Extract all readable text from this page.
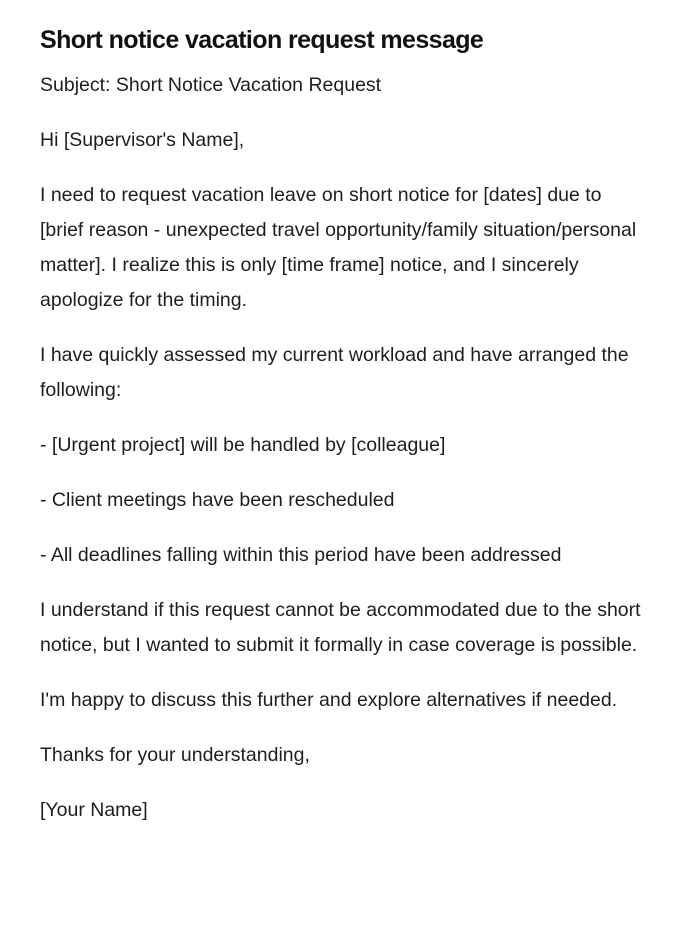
Short notice vacation request message

Subject: Short Notice Vacation Request

Hi [Supervisor's Name],

I need to request vacation leave on short notice for [dates] due to [brief reason - unexpected travel opportunity/family situation/personal matter]. I realize this is only [time frame] notice, and I sincerely apologize for the timing.

I have quickly assessed my current workload and have arranged the following:

- [Urgent project] will be handled by [colleague]

- Client meetings have been rescheduled

- All deadlines falling within this period have been addressed

I understand if this request cannot be accommodated due to the short notice, but I wanted to submit it formally in case coverage is possible.

I'm happy to discuss this further and explore alternatives if needed.

Thanks for your understanding,

[Your Name]
